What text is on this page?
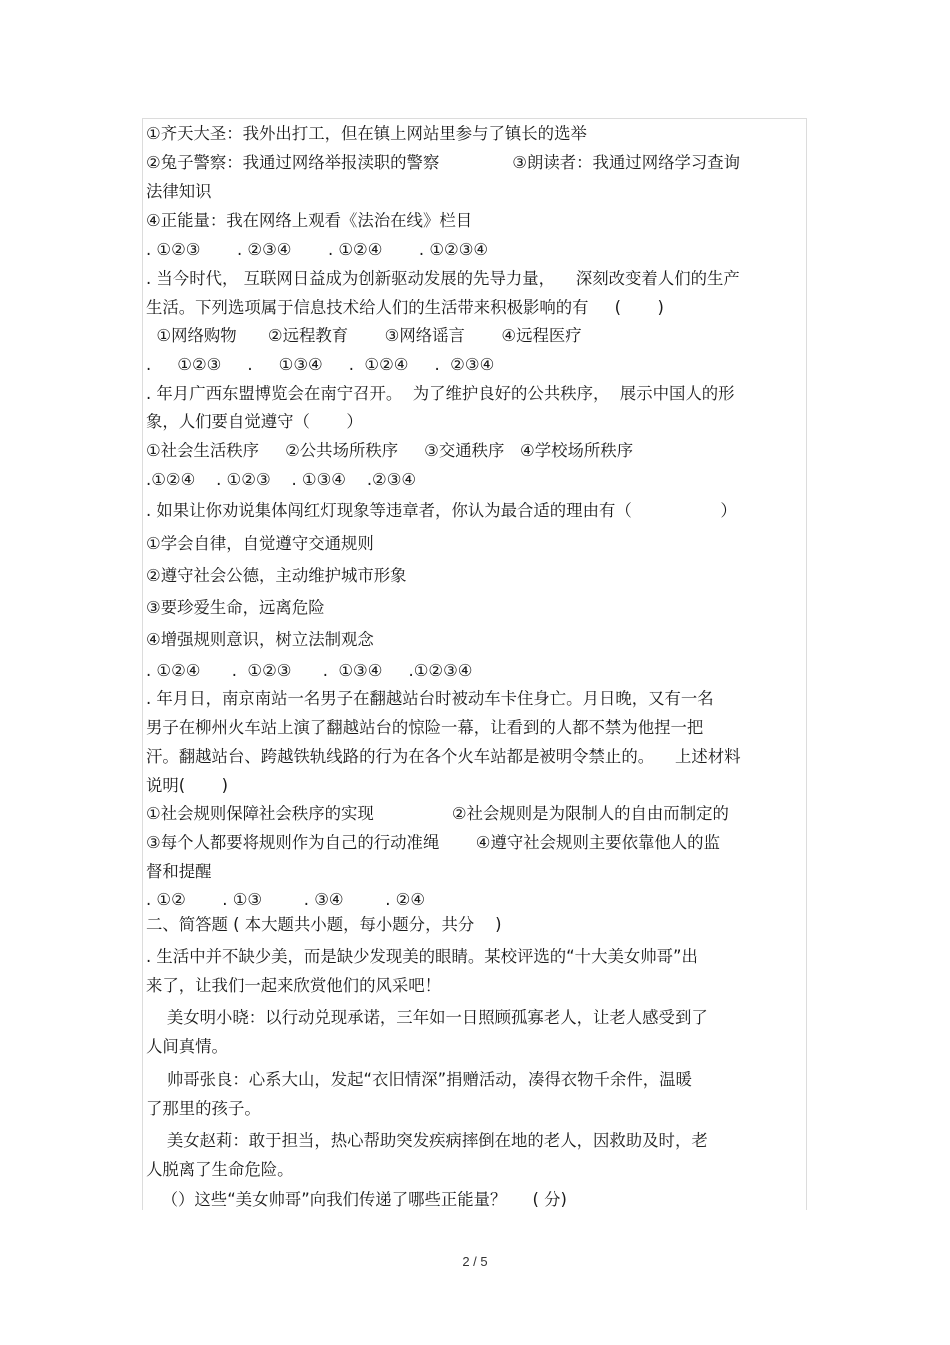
①齐天大圣：我外出打工，但在镇上网站里参与了镇长的选举
②兔子警察：我通过网络举报渎职的警察              ③朗读者：我通过网络学习查询
法律知识
④正能量：我在网络上观看《法治在线》栏目
. ①②③       . ②③④       . ①②④       . ①②③④
. 当今时代， 互联网日益成为创新驱动发展的先导力量，    深刻改变着人们的生产
生活。下列选项属于信息技术给人们的生活带来积极影响的有     (       )
①网络购物      ②远程教育       ③网络谣言       ④远程医疗
.     ①②③     .     ①③④     .  ①②④     .  ②③④
. 年月广西东盟博览会在南宁召开。  为了维护良好的公共秩序，  展示中国人的形
象，人们要自觉遵守（       ）
①社会生活秩序     ②公共场所秩序     ③交通秩序   ④学校场所秩序
.①②④    . ①②③    . ①③④    .②③④
. 如果让你劝说集体闯红灯现象等违章者，你认为最合适的理由有（                 ）
①学会自律，自觉遵守交通规则
②遵守社会公德，主动维护城市形象
③要珍爱生命，远离危险
④增强规则意识，树立法制观念
. ①②④      .  ①②③      .  ①③④     .①②③④
. 年月日，南京南站一名男子在翻越站台时被动车卡住身亡。月日晚，又有一名
男子在柳州火车站上演了翻越站台的惊险一幕，让看到的人都不禁为他捏一把
汗。翻越站台、跨越铁轨线路的行为在各个火车站都是被明令禁止的。    上述材料
说明(       )
①社会规则保障社会秩序的实现               ②社会规则是为限制人的自由而制定的
③每个人都要将规则作为自己的行动准绳       ④遵守社会规则主要依靠他人的监
督和提醒
. ①②       . ①③        . ③④        . ②④
二、简答题 ( 本大题共小题，每小题分，共分    )
. 生活中并不缺少美，而是缺少发现美的眼睛。某校评选的“十大美女帅哥”出
来了，让我们一起来欣赏他们的风采吧！
美女明小晓：以行动兑现承诺，三年如一日照顾孤寡老人，让老人感受到了
人间真情。
帅哥张良：心系大山，发起“衣旧情深”捐赠活动，凑得衣物千余件，温暖
了那里的孩子。
美女赵莉：敢于担当，热心帮助突发疾病摔倒在地的老人，因救助及时，老
人脱离了生命危险。
（）这些“美女帅哥”向我们传递了哪些正能量？     ( 分)
2 / 5
